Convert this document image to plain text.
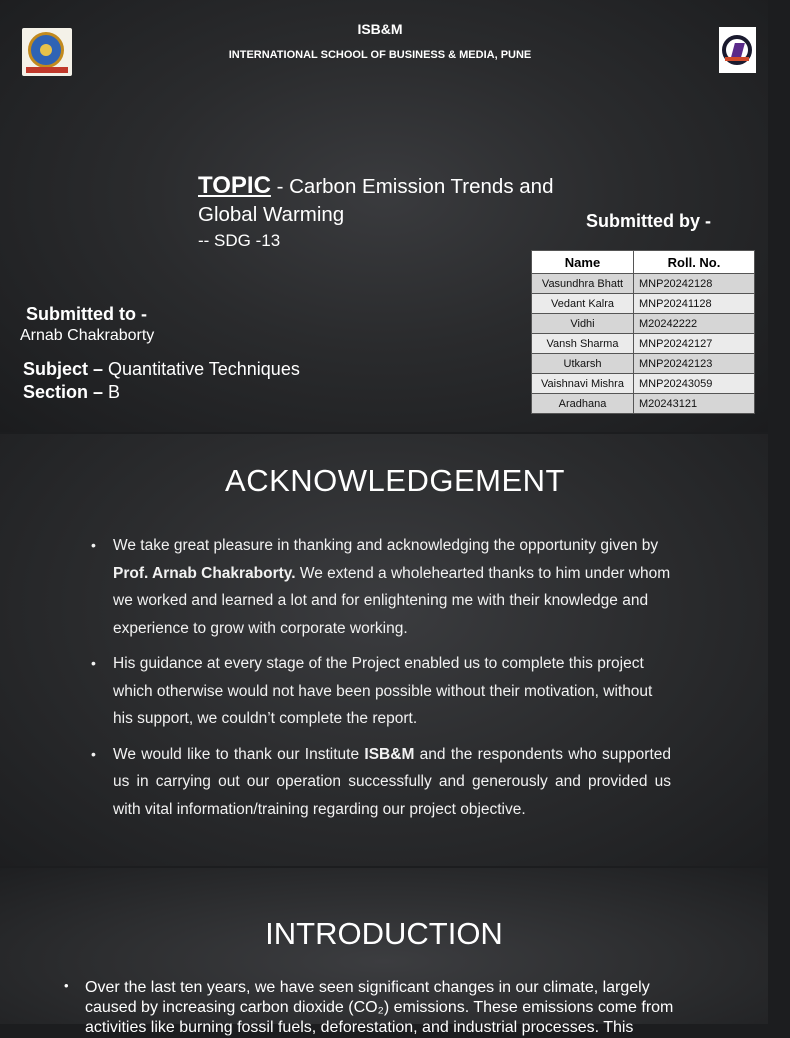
ISB&M
INTERNATIONAL SCHOOL OF BUSINESS & MEDIA, PUNE
TOPIC - Carbon Emission Trends and Global Warming
-- SDG -13
Submitted by -
Name	Roll. No.
Vasundhra Bhatt	MNP20242128
Vedant Kalra	MNP20241128
Vidhi	M20242222
Vansh Sharma	MNP20242127
Utkarsh	MNP20242123
Vaishnavi Mishra	MNP20243059
Aradhana	M20243121
Submitted to -
Arnab Chakraborty
Subject – Quantitative Techniques
Section – B
ACKNOWLEDGEMENT
• We take great pleasure in thanking and acknowledging the opportunity given by Prof. Arnab Chakraborty. We extend a wholehearted thanks to him under whom we worked and learned a lot and for enlightening me with their knowledge and experience to grow with corporate working.
• His guidance at every stage of the Project enabled us to complete this project which otherwise would not have been possible without their motivation, without his support, we couldn’t complete the report.
• We would like to thank our Institute ISB&M and the respondents who supported us in carrying out our operation successfully and generously and provided us with vital information/training regarding our project objective.
INTRODUCTION
• Over the last ten years, we have seen significant changes in our climate, largely caused by increasing carbon dioxide (CO₂) emissions. These emissions come from activities like burning fossil fuels, deforestation, and industrial processes. This
